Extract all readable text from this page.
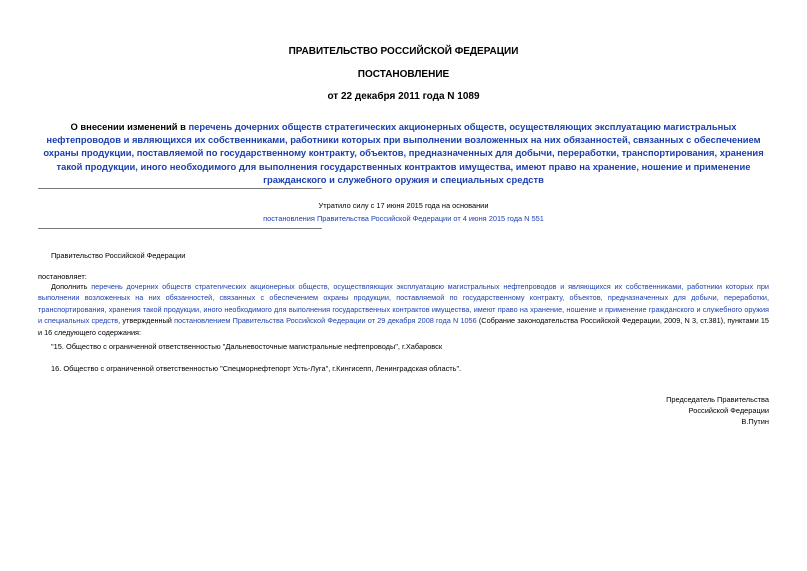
ПРАВИТЕЛЬСТВО РОССИЙСКОЙ ФЕДЕРАЦИИ
ПОСТАНОВЛЕНИЕ
от 22 декабря 2011 года N 1089
О внесении изменений в перечень дочерних обществ стратегических акционерных обществ, осуществляющих эксплуатацию магистральных нефтепроводов и являющихся их собственниками, работники которых при выполнении возложенных на них обязанностей, связанных с обеспечением охраны продукции, поставляемой по государственному контракту, объектов, предназначенных для добычи, переработки, транспортирования, хранения такой продукции, иного необходимого для выполнения государственных контрактов имущества, имеют право на хранение, ношение и применение гражданского и служебного оружия и специальных средств
Утратило силу с 17 июня 2015 года на основании
постановления Правительства Российской Федерации от 4 июня 2015 года N 551
Правительство Российской Федерации
постановляет:
Дополнить перечень дочерних обществ стратегических акционерных обществ, осуществляющих эксплуатацию магистральных нефтепроводов и являющихся их собственниками, работники которых при выполнении возложенных на них обязанностей, связанных с обеспечением охраны продукции, поставляемой по государственному контракту, объектов, предназначенных для добычи, переработки, транспортирования, хранения такой продукции, иного необходимого для выполнения государственных контрактов имущества, имеют право на хранение, ношение и применение гражданского и служебного оружия и специальных средств, утвержденный постановлением Правительства Российской Федерации от 29 декабря 2008 года N 1056 (Собрание законодательства Российской Федерации, 2009, N 3, ст.381), пунктами 15 и 16 следующего содержания:
"15. Общество с ограниченной ответственностью "Дальневосточные магистральные нефтепроводы", г.Хабаровск
16. Общество с ограниченной ответственностью "Спецморнефтепорт Усть-Луга", г.Кингисепп, Ленинградская область".
Председатель Правительства
Российской Федерации
В.Путин
